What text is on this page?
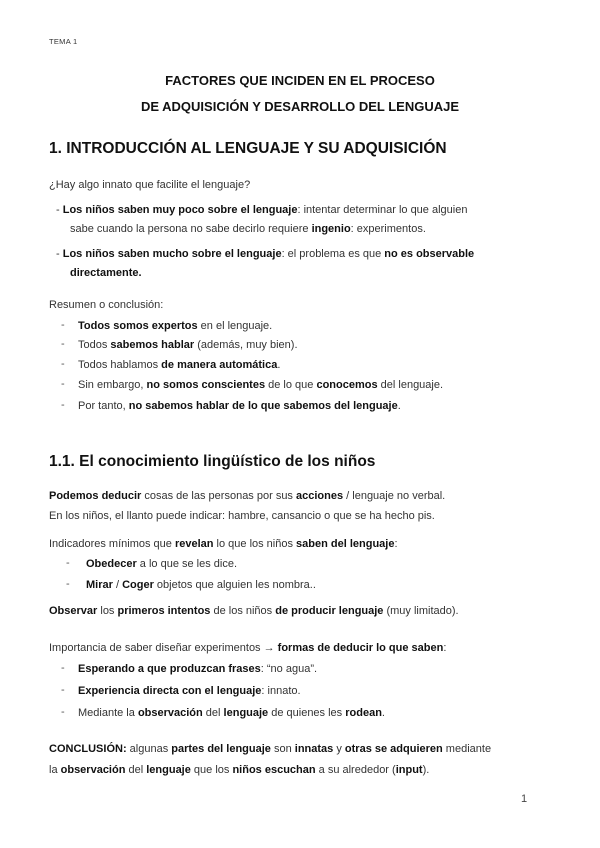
TEMA 1
FACTORES QUE INCIDEN EN EL PROCESO
DE ADQUISICIÓN Y DESARROLLO DEL LENGUAJE
1. INTRODUCCIÓN AL LENGUAJE Y SU ADQUISICIÓN
¿Hay algo innato que facilite el lenguaje?
- Los niños saben muy poco sobre el lenguaje: intentar determinar lo que alguien
sabe cuando la persona no sabe decirlo requiere ingenio: experimentos.
- Los niños saben mucho sobre el lenguaje: el problema es que no es observable
directamente.
Resumen o conclusión:
- Todos somos expertos en el lenguaje.
- Todos sabemos hablar (además, muy bien).
- Todos hablamos de manera automática.
- Sin embargo, no somos conscientes de lo que conocemos del lenguaje.
- Por tanto, no sabemos hablar de lo que sabemos del lenguaje.
1.1. El conocimiento lingüístico de los niños
Podemos deducir cosas de las personas por sus acciones / lenguaje no verbal.
En los niños, el llanto puede indicar: hambre, cansancio o que se ha hecho pis.
Indicadores mínimos que revelan lo que los niños saben del lenguaje:
- Obedecer a lo que se les dice.
- Mirar / Coger objetos que alguien les nombra..
Observar los primeros intentos de los niños de producir lenguaje (muy limitado).
Importancia de saber diseñar experimentos → formas de deducir lo que saben:
- Esperando a que produzcan frases: “no agua”.
- Experiencia directa con el lenguaje: innato.
- Mediante la observación del lenguaje de quienes les rodean.
CONCLUSIÓN: algunas partes del lenguaje son innatas y otras se adquieren mediante
la observación del lenguaje que los niños escuchan a su alrededor (input).
1
